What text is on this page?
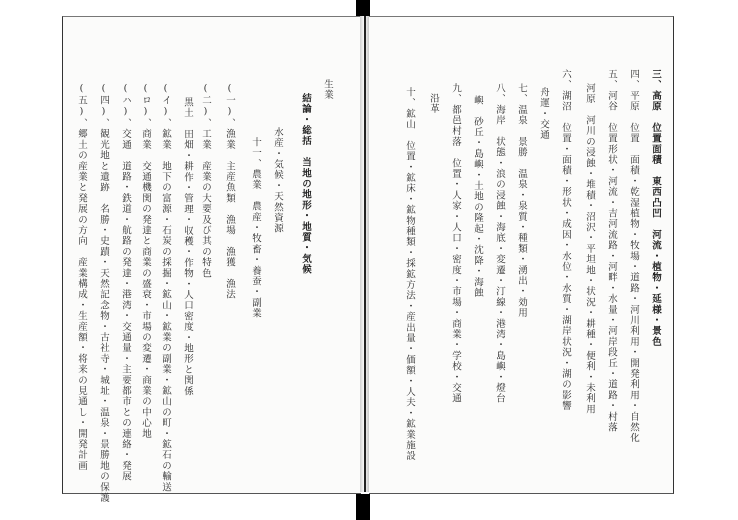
結論・総括　当地の地形・地質・気候
生業
水産・気候・天然資源
十一、農業　農産・牧畜・養蚕・副業
(一)、漁業　主産魚類　漁場　漁獲　漁法
(二)、工業　産業の大要及び其の特色
黒土　田畑・耕作・管理・収穫・作物・人口密度・地形と関係
(イ)、鉱業　地下の富源・石炭の採掘・鉱山・鉱業の副業・鉱山の町・鉱石の輸送
(ロ)、商業　交通機関の発達と商業の盛衰・市場の変遷・商業の中心地
(ハ)、交通　道路・鉄道・航路の発達・港湾・交通量・主要都市との連絡・発展
(四)、観光地と遺跡　名勝・史蹟・天然記念物・古社寺・城址・温泉・景勝地の保護
(五)、郷土の産業と発展の方向　産業構成・生産額・将来の見通し・開発計画	三、高原　位置面積　東西凸凹　河流・植物・延様・景色
四、平原　位置　面積・乾湿植物・牧場・道路・河川利用・開発利用・自然化
五、河谷　位置形状・河流・吉河流路・河畔・水量・河岸段丘・道路・村落
河原　河川の浸蝕・堆積・沼沢・平坦地・状況・耕種・便利・未利用
六、湖沼　位置・面積・形状・成因・水位・水質・湖岸状況・湖の影響
舟運・交通
七、温泉　景勝　温泉・泉質・種類・湧出・効用
八、海岸　状態・浪の浸蝕・海底・変遷・汀線・港湾・島嶼・燈台
嶼　砂丘・島嶼・土地の隆起・沈降・海蝕
九、都邑村落　位置・人家・人口・密度・市場・商業・学校・交通
沿革
十、鉱山　位置・鉱床・鉱物種類・採鉱方法・産出量・価額・人夫・鉱業施設
